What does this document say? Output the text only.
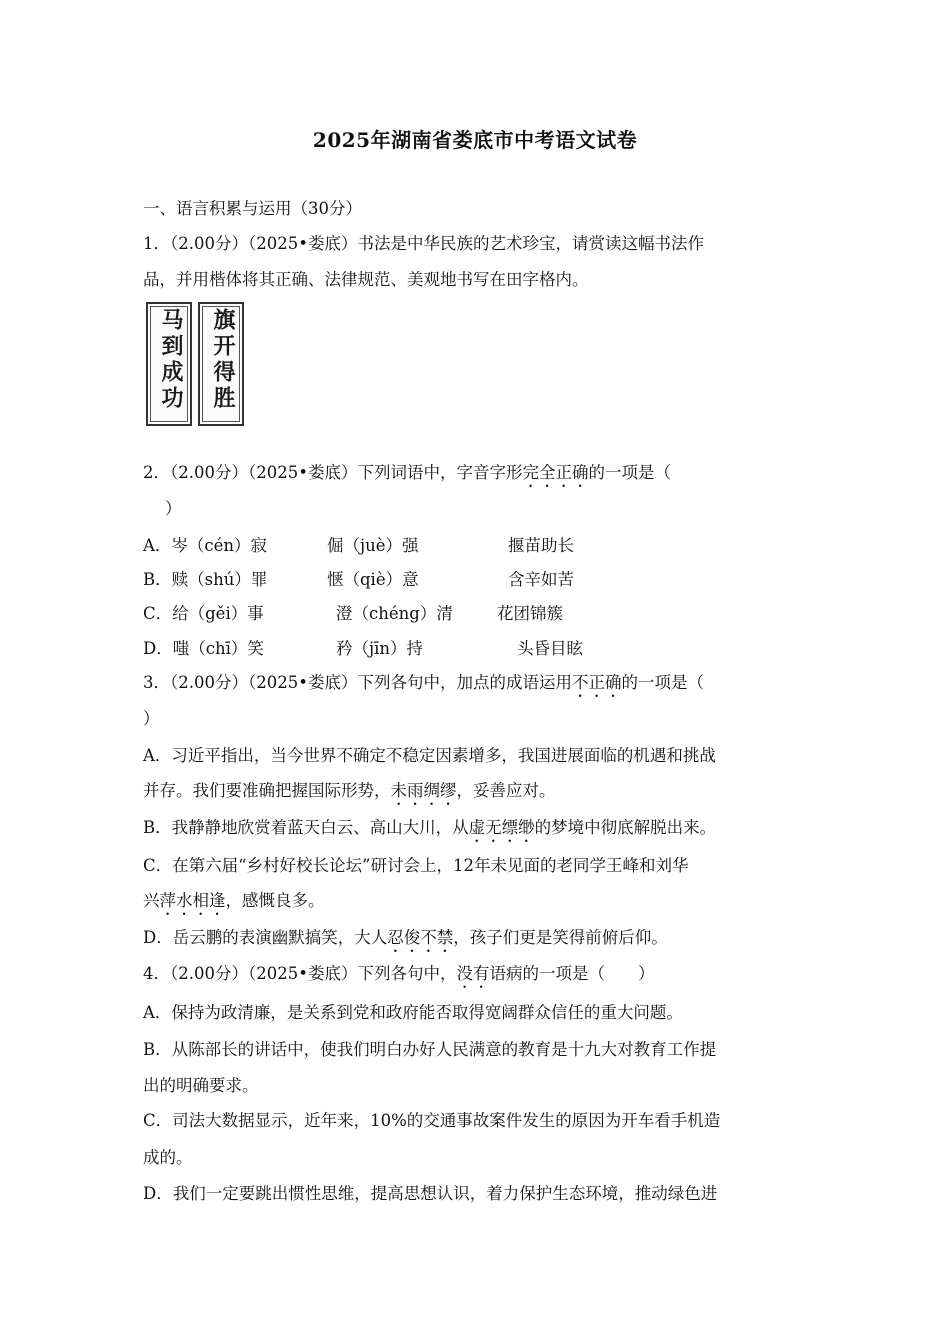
2025年湖南省娄底市中考语文试卷
一、语言积累与运用（30分）
1．（2.00分）（2025•娄底）书法是中华民族的艺术珍宝，请赏读这幅书法作
品，并用楷体将其正确、法律规范、美观地书写在田字格内。
马到成功	旗开得胜
2．（2.00分）（2025•娄底）下列词语中，字音字形完全正确的一项是（
）
A．岑（cén）寂	倔（juè）强	揠苗助长
B．赎（shú）罪	惬（qiè）意	含辛如苦
C．给（gěi）事	澄（chéng）清	花团锦簇
D．嗤（chī）笑	矜（jīn）持	头昏目眩
3．（2.00分）（2025•娄底）下列各句中，加点的成语运用不正确的一项是（
）
A．习近平指出，当今世界不确定不稳定因素增多，我国进展面临的机遇和挑战
并存。我们要准确把握国际形势，未雨绸缪，妥善应对。
B．我静静地欣赏着蓝天白云、高山大川，从虚无缥缈的梦境中彻底解脱出来。
C．在第六届“乡村好校长论坛”研讨会上，12年未见面的老同学王峰和刘华
兴萍水相逢，感慨良多。
D．岳云鹏的表演幽默搞笑，大人忍俊不禁，孩子们更是笑得前俯后仰。
4．（2.00分）（2025•娄底）下列各句中，没有语病的一项是（　　）
A．保持为政清廉，是关系到党和政府能否取得宽阔群众信任的重大问题。
B．从陈部长的讲话中，使我们明白办好人民满意的教育是十九大对教育工作提
出的明确要求。
C．司法大数据显示，近年来，10%的交通事故案件发生的原因为开车看手机造
成的。
D．我们一定要跳出惯性思维，提高思想认识，着力保护生态环境，推动绿色进
